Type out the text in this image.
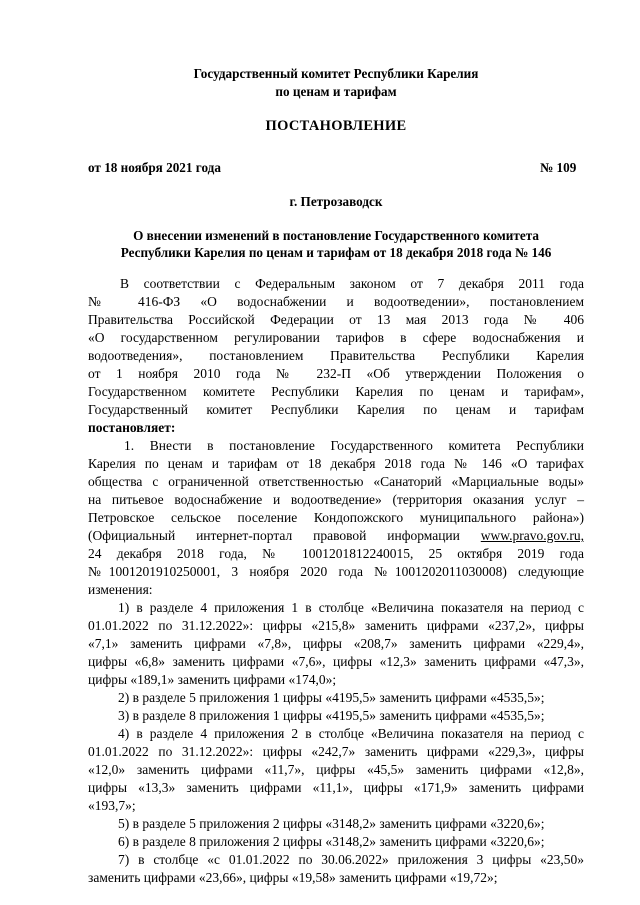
Государственный комитет Республики Карелия
по ценам и тарифам
ПОСТАНОВЛЕНИЕ
от 18 ноября 2021 года	№ 109
г. Петрозаводск
О внесении изменений в постановление Государственного комитета
Республики Карелия по ценам и тарифам от 18 декабря 2018 года № 146
В соответствии с Федеральным законом от 7 декабря 2011 года
№ 416-ФЗ «О водоснабжении и водоотведении», постановлением
Правительства Российской Федерации от 13 мая 2013 года № 406
«О государственном регулировании тарифов в сфере водоснабжения и
водоотведения», постановлением Правительства Республики Карелия
от 1 ноября 2010 года № 232-П «Об утверждении Положения о
Государственном комитете Республики Карелия по ценам и тарифам»,
Государственный комитет Республики Карелия по ценам и тарифам
постановляет:
1. Внести в постановление Государственного комитета Республики
Карелия по ценам и тарифам от 18 декабря 2018 года № 146 «О тарифах
общества с ограниченной ответственностью «Санаторий «Марциальные воды»
на питьевое водоснабжение и водоотведение» (территория оказания услуг –
Петровское сельское поселение Кондопожского муниципального района»)
(Официальный интернет-портал правовой информации www.pravo.gov.ru,
24 декабря 2018 года, № 1001201812240015, 25 октября 2019 года
№1001201910250001, 3 ноября 2020 года №1001202011030008) следующие
изменения:
1) в разделе 4 приложения 1 в столбце «Величина показателя на период с
01.01.2022 по 31.12.2022»: цифры «215,8» заменить цифрами «237,2», цифры
«7,1» заменить цифрами «7,8», цифры «208,7» заменить цифрами «229,4»,
цифры «6,8» заменить цифрами «7,6», цифры «12,3» заменить цифрами «47,3»,
цифры «189,1» заменить цифрами «174,0»;
2) в разделе 5 приложения 1 цифры «4195,5» заменить цифрами «4535,5»;
3) в разделе 8 приложения 1 цифры «4195,5» заменить цифрами «4535,5»;
4) в разделе 4 приложения 2 в столбце «Величина показателя на период с
01.01.2022 по 31.12.2022»: цифры «242,7» заменить цифрами «229,3», цифры
«12,0» заменить цифрами «11,7», цифры «45,5» заменить цифрами «12,8»,
цифры «13,3» заменить цифрами «11,1», цифры «171,9» заменить цифрами
«193,7»;
5) в разделе 5 приложения 2 цифры «3148,2» заменить цифрами «3220,6»;
6) в разделе 8 приложения 2 цифры «3148,2» заменить цифрами «3220,6»;
7) в столбце «с 01.01.2022 по 30.06.2022» приложения 3 цифры «23,50»
заменить цифрами «23,66», цифры «19,58» заменить цифрами «19,72»;
